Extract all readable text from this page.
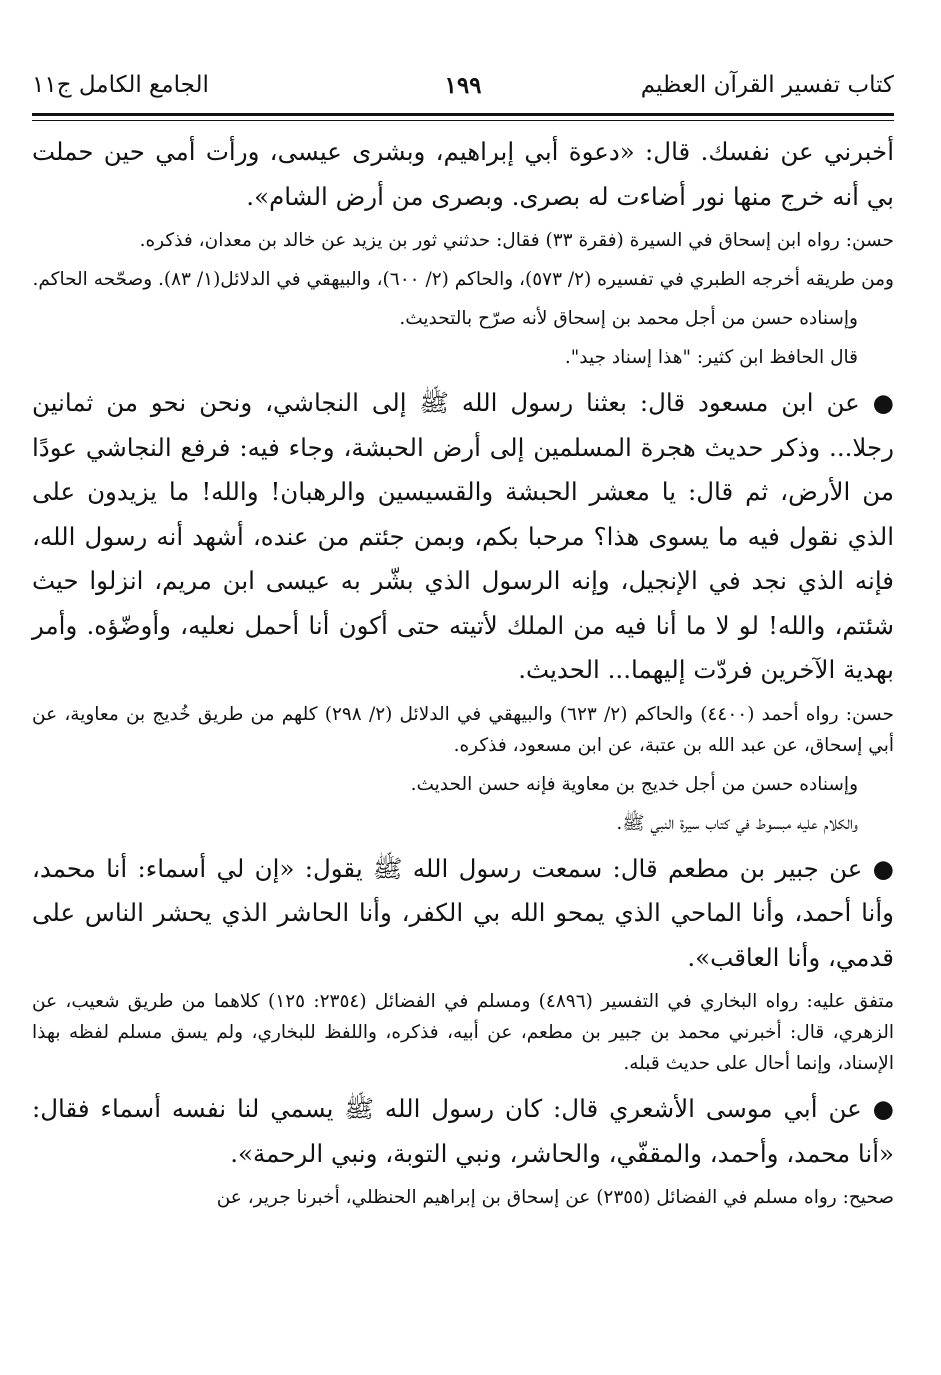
كتاب تفسير القرآن العظيم
١٩٩
الجامع الكامل ج١١

أخبرني عن نفسك. قال: «دعوة أبي إبراهيم، وبشرى عيسى، ورأت أمي حين حملت بي أنه خرج منها نور أضاءت له بصرى. وبصرى من أرض الشام».

حسن: رواه ابن إسحاق في السيرة (فقرة ٣٣) فقال: حدثني ثور بن يزيد عن خالد بن معدان، فذكره.

ومن طريقه أخرجه الطبري في تفسيره (٢/ ٥٧٣)، والحاكم (٢/ ٦٠٠)، والبيهقي في الدلائل(١/ ٨٣). وصحّحه الحاكم.

وإسناده حسن من أجل محمد بن إسحاق لأنه صرّح بالتحديث.

قال الحافظ ابن كثير: "هذا إسناد جيد".

● عن ابن مسعود قال: بعثنا رسول الله ﷺ إلى النجاشي، ونحن نحو من ثمانين رجلا... وذكر حديث هجرة المسلمين إلى أرض الحبشة، وجاء فيه: فرفع النجاشي عودًا من الأرض، ثم قال: يا معشر الحبشة والقسيسين والرهبان! والله! ما يزيدون على الذي نقول فيه ما يسوى هذا؟ مرحبا بكم، وبمن جئتم من عنده، أشهد أنه رسول الله، فإنه الذي نجد في الإنجيل، وإنه الرسول الذي بشّر به عيسى ابن مريم، انزلوا حيث شئتم، والله! لو لا ما أنا فيه من الملك لأتيته حتى أكون أنا أحمل نعليه، وأوضّؤه. وأمر بهدية الآخرين فردّت إليهما... الحديث.

حسن: رواه أحمد (٤٤٠٠) والحاكم (٢/ ٦٢٣) والبيهقي في الدلائل (٢/ ٢٩٨) كلهم من طريق خُديج بن معاوية، عن أبي إسحاق، عن عبد الله بن عتبة، عن ابن مسعود، فذكره.

وإسناده حسن من أجل خديج بن معاوية فإنه حسن الحديث.

والكلام عليه مبسوط في كتاب سيرة النبي ﷺ.

● عن جبير بن مطعم قال: سمعت رسول الله ﷺ يقول: «إن لي أسماء: أنا محمد، وأنا أحمد، وأنا الماحي الذي يمحو الله بي الكفر، وأنا الحاشر الذي يحشر الناس على قدمي، وأنا العاقب».

متفق عليه: رواه البخاري في التفسير (٤٨٩٦) ومسلم في الفضائل (٢٣٥٤: ١٢٥) كلاهما من طريق شعيب، عن الزهري، قال: أخبرني محمد بن جبير بن مطعم، عن أبيه، فذكره، واللفظ للبخاري، ولم يسق مسلم لفظه بهذا الإسناد، وإنما أحال على حديث قبله.

● عن أبي موسى الأشعري قال: كان رسول الله ﷺ يسمي لنا نفسه أسماء فقال: «أنا محمد، وأحمد، والمقفّي، والحاشر، ونبي التوبة، ونبي الرحمة».

صحيح: رواه مسلم في الفضائل (٢٣٥٥) عن إسحاق بن إبراهيم الحنظلي، أخبرنا جرير، عن
